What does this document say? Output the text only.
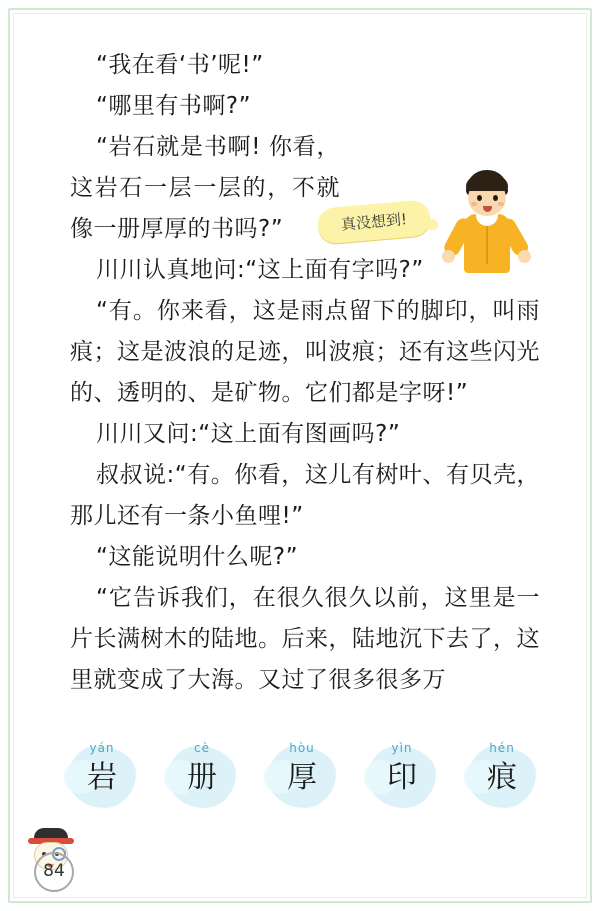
“我在看‘书’呢!”
“哪里有书啊?”
“岩石就是书啊! 你看，这岩石一层一层的，不就像一册厚厚的书吗?”
川川认真地问:“这上面有字吗?”
“有。你来看，这是雨点留下的脚印，叫雨痕；这是波浪的足迹，叫波痕；还有这些闪光的、透明的、是矿物。它们都是字呀!”
川川又问:“这上面有图画吗?”
叔叔说:“有。你看，这儿有树叶、有贝壳，那儿还有一条小鱼哩!”
“这能说明什么呢?”
“它告诉我们，在很久很久以前，这里是一片长满树木的陆地。后来，陆地沉下去了，这里就变成了大海。又过了很多很多万
真没想到!
yán
岩
cè
册
hòu
厚
yìn
印
hén
痕
84
